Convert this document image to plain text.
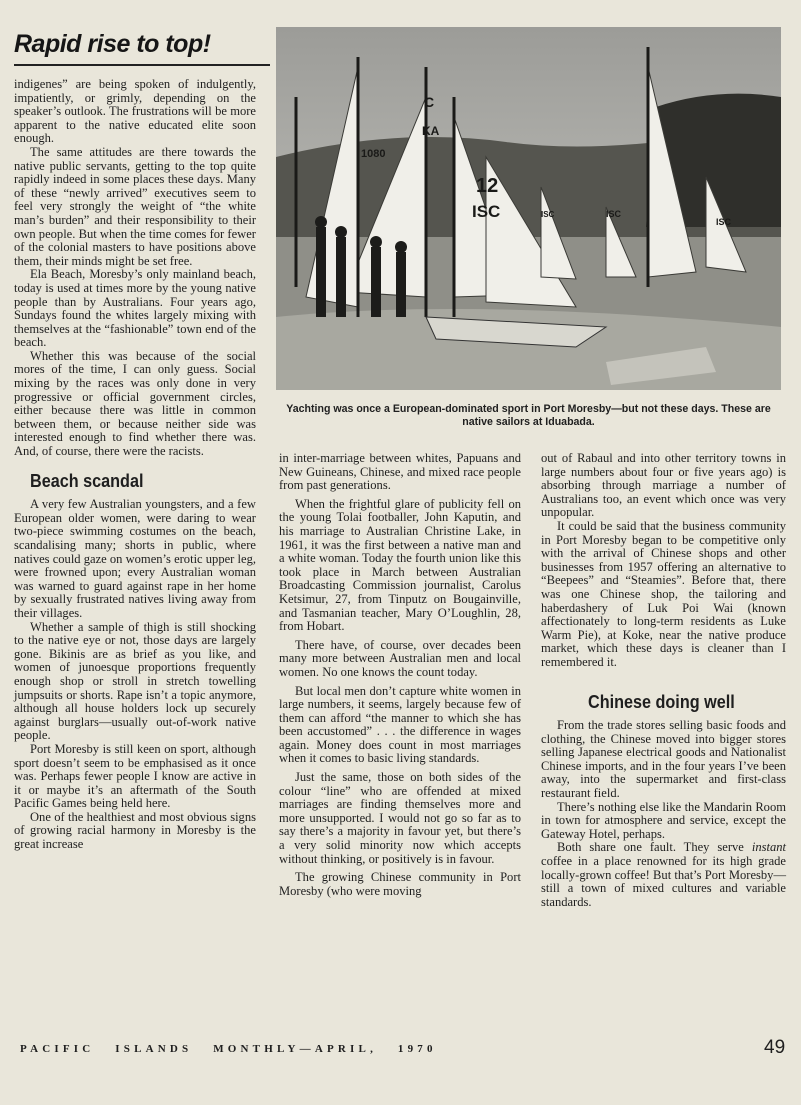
Rapid rise to top!

indigenes” are being spoken of indulgently, impatiently, or grimly, depending on the speaker’s outlook. The frustrations will be more apparent to the native educated elite soon enough.

The same attitudes are there towards the native public servants, getting to the top quite rapidly indeed in some places these days. Many of these “newly arrived” executives seem to feel very strongly the weight of “the white man’s burden” and their responsibility to their own people. But when the time comes for fewer of the colonial masters to have positions above them, their minds might be set free.

Ela Beach, Moresby’s only mainland beach, today is used at times more by the young native people than by Australians. Four years ago, Sundays found the whites largely mixing with themselves at the “fashionable” town end of the beach.

Whether this was because of the social mores of the time, I can only guess. Social mixing by the races was only done in very progressive or official government circles, either because there was little in common between them, or because neither side was interested enough to find whether there was. And, of course, there were the racists.

Beach scandal

A very few Australian youngsters, and a few European older women, were daring to wear two-piece swimming costumes on the beach, scandalising many; shorts in public, where natives could gaze on women’s erotic upper leg, were frowned upon; every Australian woman was warned to guard against rape in her home by sexually frustrated natives living away from their villages.

Whether a sample of thigh is still shocking to the native eye or not, those days are largely gone. Bikinis are as brief as you like, and women of junoesque proportions frequently enough shop or stroll in stretch towelling jumpsuits or shorts. Rape isn’t a topic anymore, although all house holders lock up securely against burglars—usually out-of-work native people.

Port Moresby is still keen on sport, although sport doesn’t seem to be emphasised as it once was. Perhaps fewer people I know are active in it or maybe it’s an aftermath of the South Pacific Games being held here.

One of the healthiest and most obvious signs of growing racial harmony in Moresby is the great increase

12
ISC
KA
1080
C
ISC
ISC
ISC
Yachting was once a European-dominated sport in Port Moresby—but not these days. These are native sailors at Iduabada.

in inter-marriage between whites, Papuans and New Guineans, Chinese, and mixed race people from past generations.

When the frightful glare of publicity fell on the young Tolai footballer, John Kaputin, and his marriage to Australian Christine Lake, in 1961, it was the first between a native man and a white woman. Today the fourth union like this took place in March between Australian Broadcasting Commission journalist, Carolus Ketsimur, 27, from Tinputz on Bougainville, and Tasmanian teacher, Mary O’Loughlin, 28, from Hobart.

There have, of course, over decades been many more between Australian men and local women. No one knows the count today.

But local men don’t capture white women in large numbers, it seems, largely because few of them can afford “the manner to which she has been accustomed” . . . the difference in wages again. Money does count in most marriages when it comes to basic living standards.

Just the same, those on both sides of the colour “line” who are offended at mixed marriages are finding themselves more and more unsupported. I would not go so far as to say there’s a majority in favour yet, but there’s a very solid minority now which accepts without thinking, or positively is in favour.

The growing Chinese community in Port Moresby (who were moving

out of Rabaul and into other territory towns in large numbers about four or five years ago) is absorbing through marriage a number of Australians too, an event which once was very unpopular.

It could be said that the business community in Port Moresby began to be competitive only with the arrival of Chinese shops and other businesses from 1957 offering an alternative to “Beepees” and “Steamies”. Before that, there was one Chinese shop, the tailoring and haberdashery of Luk Poi Wai (known affectionately to long-term residents as Luke Warm Pie), at Koke, near the native produce market, which these days is cleaner than I remembered it.

Chinese doing well

From the trade stores selling basic foods and clothing, the Chinese moved into bigger stores selling Japanese electrical goods and Nationalist Chinese imports, and in the four years I’ve been away, into the supermarket and first-class restaurant field.

There’s nothing else like the Mandarin Room in town for atmosphere and service, except the Gateway Hotel, perhaps.

Both share one fault. They serve instant coffee in a place renowned for its high grade locally-grown coffee! But that’s Port Moresby—still a town of mixed cultures and variable standards.

PACIFIC   ISLANDS   MONTHLY—APRIL,   1970	49
